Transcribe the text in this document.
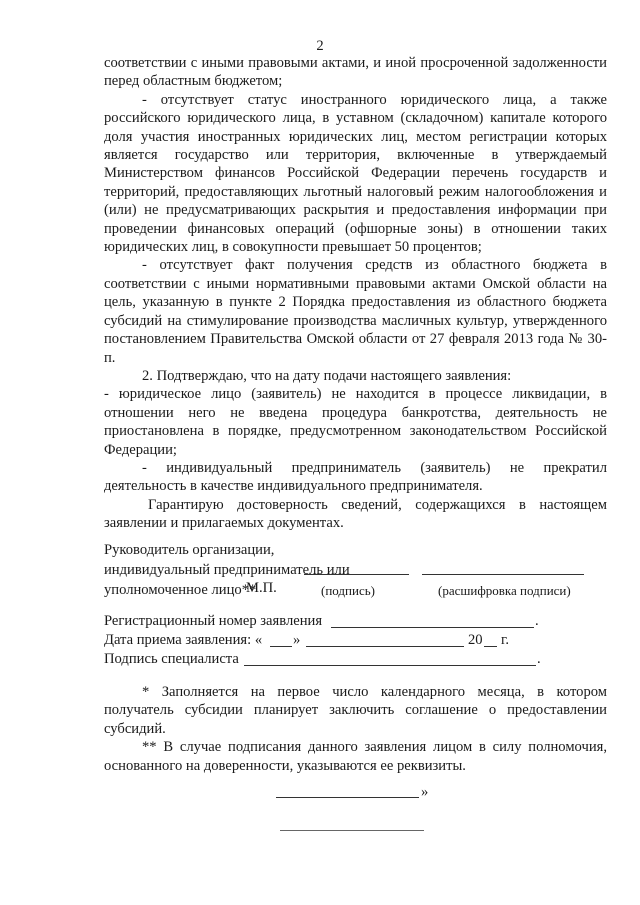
2

соответствии с иными правовыми актами, и иной просроченной задолженности перед областным бюджетом;

- отсутствует статус иностранного юридического лица, а также российского юридического лица, в уставном (складочном) капитале которого доля участия иностранных юридических лиц, местом регистрации которых является государство или территория, включенные в утверждаемый Министерством финансов Российской Федерации перечень государств и территорий, предоставляющих льготный налоговый режим налогообложения и (или) не предусматривающих раскрытия и предоставления информации при проведении финансовых операций (офшорные зоны) в отношении таких юридических лиц, в совокупности превышает 50 процентов;

- отсутствует факт получения средств из областного бюджета в соответствии с иными нормативными правовыми актами Омской области на цель, указанную в пункте 2 Порядка предоставления из областного бюджета субсидий на стимулирование производства масличных культур, утвержденного постановлением Правительства Омской области от 27 февраля 2013 года № 30-п.

2. Подтверждаю, что на дату подачи настоящего заявления:

- юридическое лицо (заявитель) не находится в процессе ликвидации, в отношении него не введена процедура банкротства, деятельность не приостановлена в порядке, предусмотренном законодательством Российской Федерации;

- индивидуальный предприниматель (заявитель) не прекратил деятельность в качестве индивидуального предпринимателя.

Гарантирую достоверность сведений, содержащихся в настоящем заявлении и прилагаемых документах.

Руководитель организации,
индивидуальный предприниматель или
уполномоченное лицо**
М.П.	(подпись)	(расшифровка подписи)
Регистрационный номер заявления	.
Дата приема заявления: « »	20 г.
Подпись специалиста	.

* Заполняется на первое число календарного месяца, в котором получатель субсидии планирует заключить соглашение о предоставлении субсидий.

** В случае подписания данного заявления лицом в силу полномочия, основанного на доверенности, указываются ее реквизиты.

»
